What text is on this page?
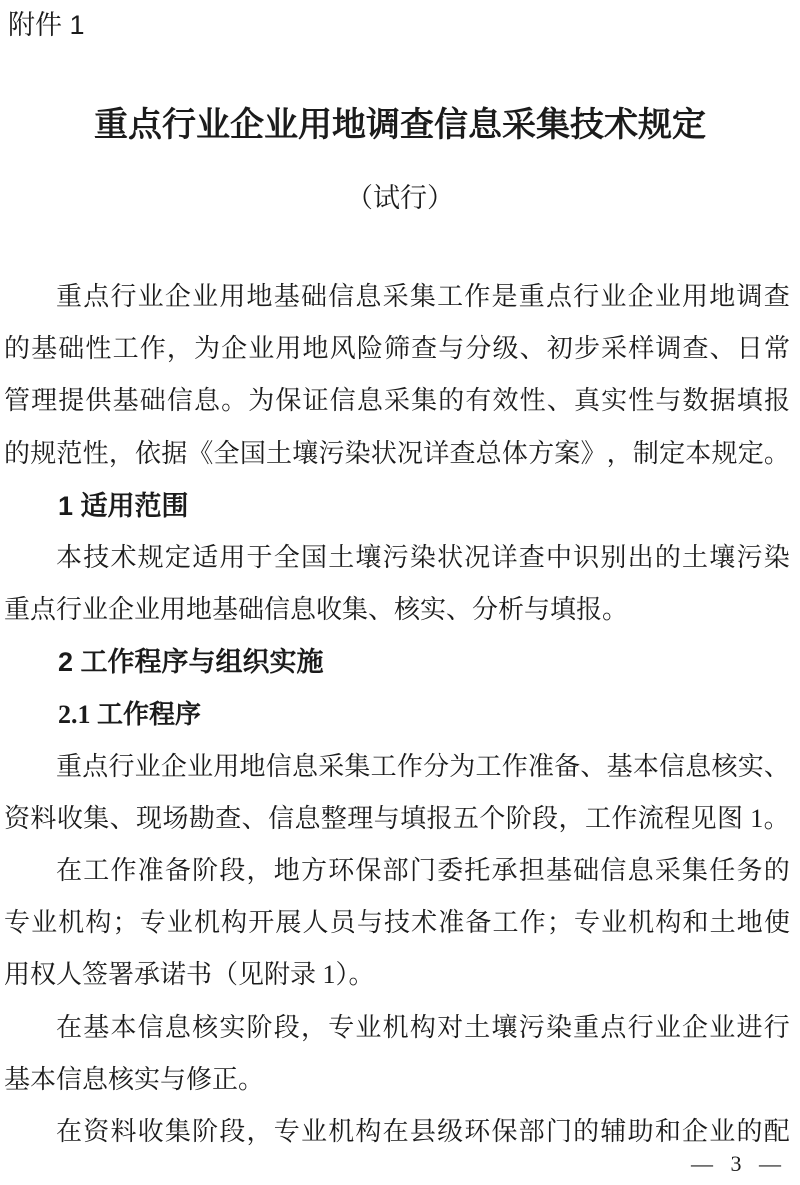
附件 1
重点行业企业用地调查信息采集技术规定
（试行）
重 点 行 业 企 业 用 地 基 础 信 息 采 集 工 作 是 重 点 行 业 企 业 用 地 调 查
的 基 础 性 工 作 ， 为 企 业 用 地 风 险 筛 查 与 分 级 、 初 步 采 样 调 查 、 日 常
管 理 提 供 基 础 信 息 。 为 保 证 信 息 采 集 的 有 效 性 、 真 实 性 与 数 据 填 报
的 规 范 性 ， 依 据 《 全 国 土 壤 污 染 状 况 详 查 总 体 方 案 》 ， 制 定 本 规 定 。
1 适用范围
本 技 术 规 定 适 用 于 全 国 土 壤 污 染 状 况 详 查 中 识 别 出 的 土 壤 污 染
重点行业企业用地基础信息收集、核实、分析与填报。
2 工作程序与组织实施
2.1 工作程序
重 点 行 业 企 业 用 地 信 息 采 集 工 作 分 为 工 作 准 备 、 基 本 信 息 核 实 、
资 料 收 集 、 现 场 勘 查 、 信 息 整 理 与 填 报 五 个 阶 段 ， 工 作 流 程 见 图
1 。
在 工 作 准 备 阶 段 ， 地 方 环 保 部 门 委 托 承 担 基 础 信 息 采 集 任 务 的
专 业 机 构 ； 专 业 机 构 开 展 人 员 与 技 术 准 备 工 作 ； 专 业 机 构 和 土 地 使
用权人签署承诺书（见附录 1）。
在 基 本 信 息 核 实 阶 段 ， 专 业 机 构 对 土 壤 污 染 重 点 行 业 企 业 进 行
基本信息核实与修正。
在 资 料 收 集 阶 段 ， 专 业 机 构 在 县 级 环 保 部 门 的 辅 助 和 企 业 的 配
— 3 —
